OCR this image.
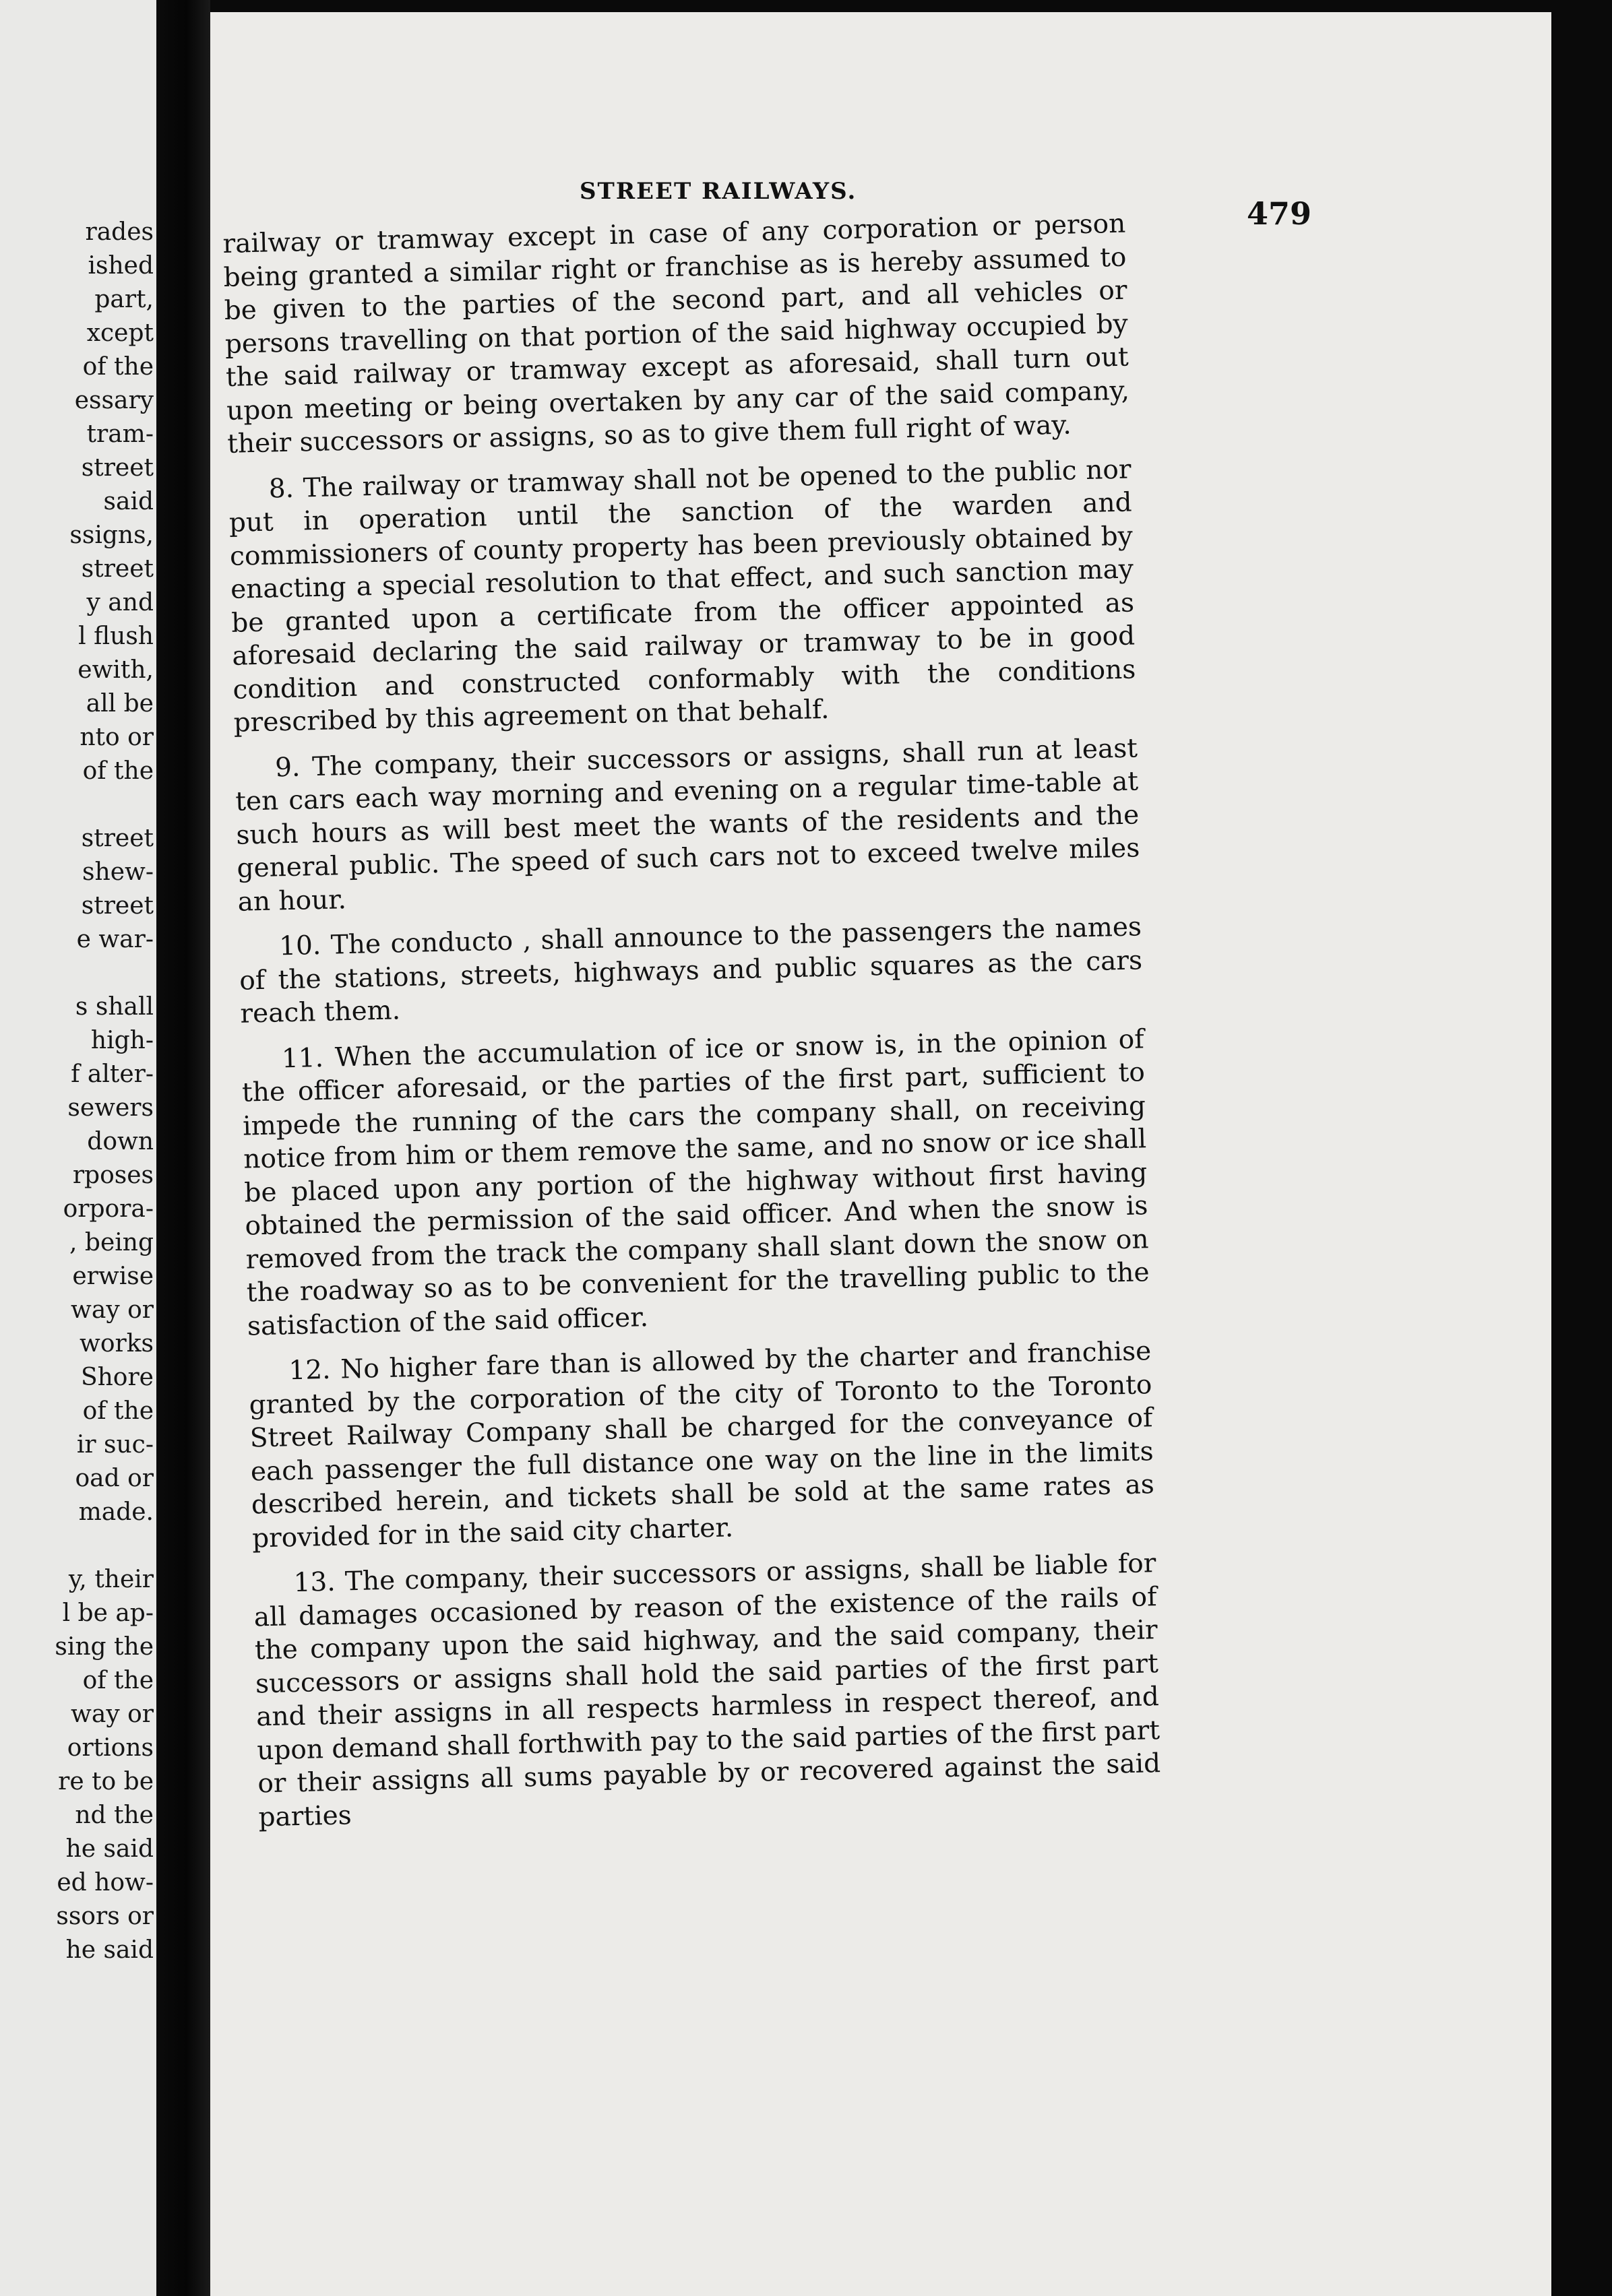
rades
ished
part,
xcept
of the
essary
tram-
street
said
ssigns,
street
y and
l flush
ewith,
all be
nto or
of the
street
shew-
street
e war-
s shall
high-
f alter-
sewers
down
rposes
orpora-
, being
erwise
way or
works
Shore
of the
ir suc-
oad or
made.
y, their
l be ap-
sing the
of the
way or
ortions
re to be
nd the
he said
ed how-
ssors or
he said
STREET RAILWAYS.
479

railway or tramway except in case of any corporation or person being granted a similar right or franchise as is hereby assumed to be given to the parties of the second part, and all vehicles or persons travelling on that portion of the said highway occupied by the said railway or tramway except as aforesaid, shall turn out upon meeting or being overtaken by any car of the said company, their successors or assigns, so as to give them full right of way.

8. The railway or tramway shall not be opened to the public nor put in operation until the sanction of the warden and commissioners of county property has been previously obtained by enacting a special resolution to that effect, and such sanction may be granted upon a certificate from the officer appointed as aforesaid declaring the said railway or tramway to be in good condition and constructed conformably with the conditions prescribed by this agreement on that behalf.

9. The company, their successors or assigns, shall run at least ten cars each way morning and evening on a regular time-table at such hours as will best meet the wants of the residents and the general public. The speed of such cars not to exceed twelve miles an hour.

10. The conducto , shall announce to the passengers the names of the stations, streets, highways and public squares as the cars reach them.

11. When the accumulation of ice or snow is, in the opinion of the officer aforesaid, or the parties of the first part, sufficient to impede the running of the cars the company shall, on receiving notice from him or them remove the same, and no snow or ice shall be placed upon any portion of the highway without first having obtained the permission of the said officer. And when the snow is removed from the track the company shall slant down the snow on the roadway so as to be convenient for the travelling public to the satisfaction of the said officer.

12. No higher fare than is allowed by the charter and franchise granted by the corporation of the city of Toronto to the Toronto Street Railway Company shall be charged for the conveyance of each passenger the full distance one way on the line in the limits described herein, and tickets shall be sold at the same rates as provided for in the said city charter.

13. The company, their successors or assigns, shall be liable for all damages occasioned by reason of the existence of the rails of the company upon the said highway, and the said company, their successors or assigns shall hold the said parties of the first part and their assigns in all respects harmless in respect thereof, and upon demand shall forthwith pay to the said parties of the first part or their assigns all sums payable by or recovered against the said parties
